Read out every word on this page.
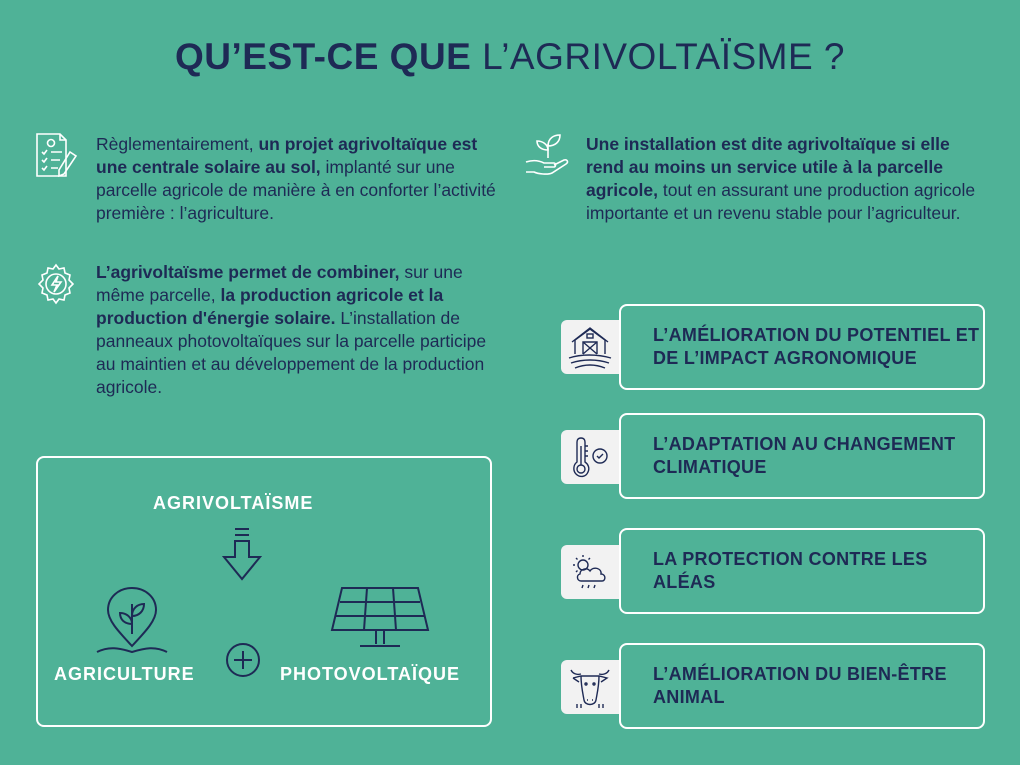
QU’EST-CE QUE L’AGRIVOLTAÏSME ?
Règlementairement, un projet agrivoltaïque est une centrale solaire au sol, implanté sur une parcelle agricole de manière à en conforter l’activité première : l’agriculture.
L’agrivoltaïsme permet de combiner, sur une même parcelle, la production agricole et la production d'énergie solaire. L’installation de panneaux photovoltaïques sur la parcelle participe au maintien et au développement de la production agricole.
Une installation est dite agrivoltaïque si elle rend au moins un service utile à la parcelle agricole, tout en assurant une production agricole importante et un revenu stable pour l’agriculteur.
AGRIVOLTAÏSME
AGRICULTURE	PHOTOVOLTAÏQUE
L’AMÉLIORATION DU POTENTIEL ET DE L’IMPACT AGRONOMIQUE
L’ADAPTATION AU CHANGEMENT CLIMATIQUE
LA PROTECTION CONTRE LES ALÉAS
L’AMÉLIORATION DU BIEN-ÊTRE ANIMAL
